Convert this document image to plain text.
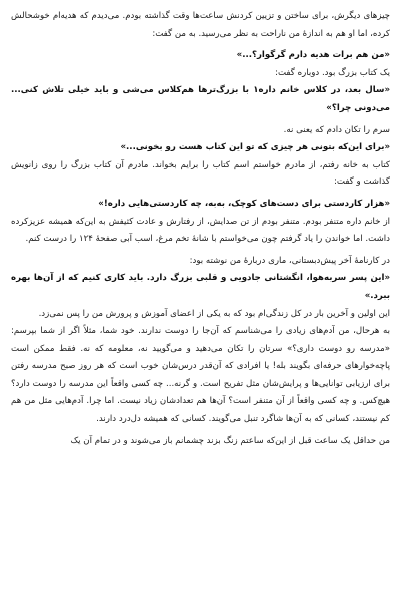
چیزهای دیگرش، برای ساختن و تزیین کردنش ساعت‌ها وقت گذاشته بودم. می‌دیدم که هدیه‌ام خوشحالش کرده، اما او هم به اندازهٔ من ناراحت به نظر می‌رسید. به من گفت:

«من هم برات هدیه دارم گرگوار؟...»

یک کتاب بزرگ بود. دوباره گفت:

«سال بعد، در کلاس خانم داره١ با بزرگ‌ترها هم‌کلاس می‌شی و باید خیلی تلاش کنی... می‌دونی چرا؟»

سرم را تکان دادم که یعنی نه.

«برای این‌که بتونی هر چیزی که تو این کتاب هست رو بخونی...»

کتاب به خانه رفتم، از مادرم خواستم اسم کتاب را برایم بخواند. مادرم آن کتاب بزرگ را روی زانویش گذاشت و گفت:

«هزار کاردستی برای دست‌های کوچک، به‌به، چه کاردستی‌هایی داره!»

از خانم داره متنفر بودم. متنفر بودم از تن صدایش، از رفتارش و عادت کثیفش به این‌که همیشه عزیزکرده داشت. اما خواندن را یاد گرفتم چون می‌خواستم با شانهٔ تخم مرغ، اسب آبی صفحهٔ ١٢۴ را درست کنم.

در کارنامهٔ آخر پیش‌دبستانی، ماری دربارهٔ من نوشته بود:

«این پسر سربه‌هوا، انگشتانی جادویی و قلبی بزرگ دارد. باید کاری کنیم که از آن‌ها بهره ببرد.»

این اولین و آخرین بار در کل زندگی‌ام بود که به یکی از اعضای آموزش و پرورش من را پس نمی‌زد.

به هرحال، من آدم‌های زیادی را می‌شناسم که آن‌جا را دوست ندارند. خود شما، مثلاً اگر از شما بپرسم: «مدرسه رو دوست داری؟» سرتان را تکان می‌دهید و می‌گویید نه، معلومه که نه. فقط ممکن است پاچه‌خوارهای حرفه‌ای بگویند بله! یا افرادی که آن‌قدر درس‌شان خوب است که هر روز صبح مدرسه رفتن برای ارزیابی توانایی‌ها و پرایش‌شان مثل تفریح است. و گرنه... چه کسی واقعاً این مدرسه را دوست دارد؟ هیچ‌کس. و چه کسی واقعاً از آن متنفر است؟ آن‌ها هم تعدادشان زیاد نیست. اما چرا. آدم‌هایی مثل من هم کم نیستند، کسانی که به آن‌ها شاگرد تنبل می‌گویند. کسانی که همیشه دل‌درد دارند.

من حداقل یک ساعت قبل از این‌که ساعتم زنگ بزند چشمانم باز می‌شوند و در تمام آن یک
